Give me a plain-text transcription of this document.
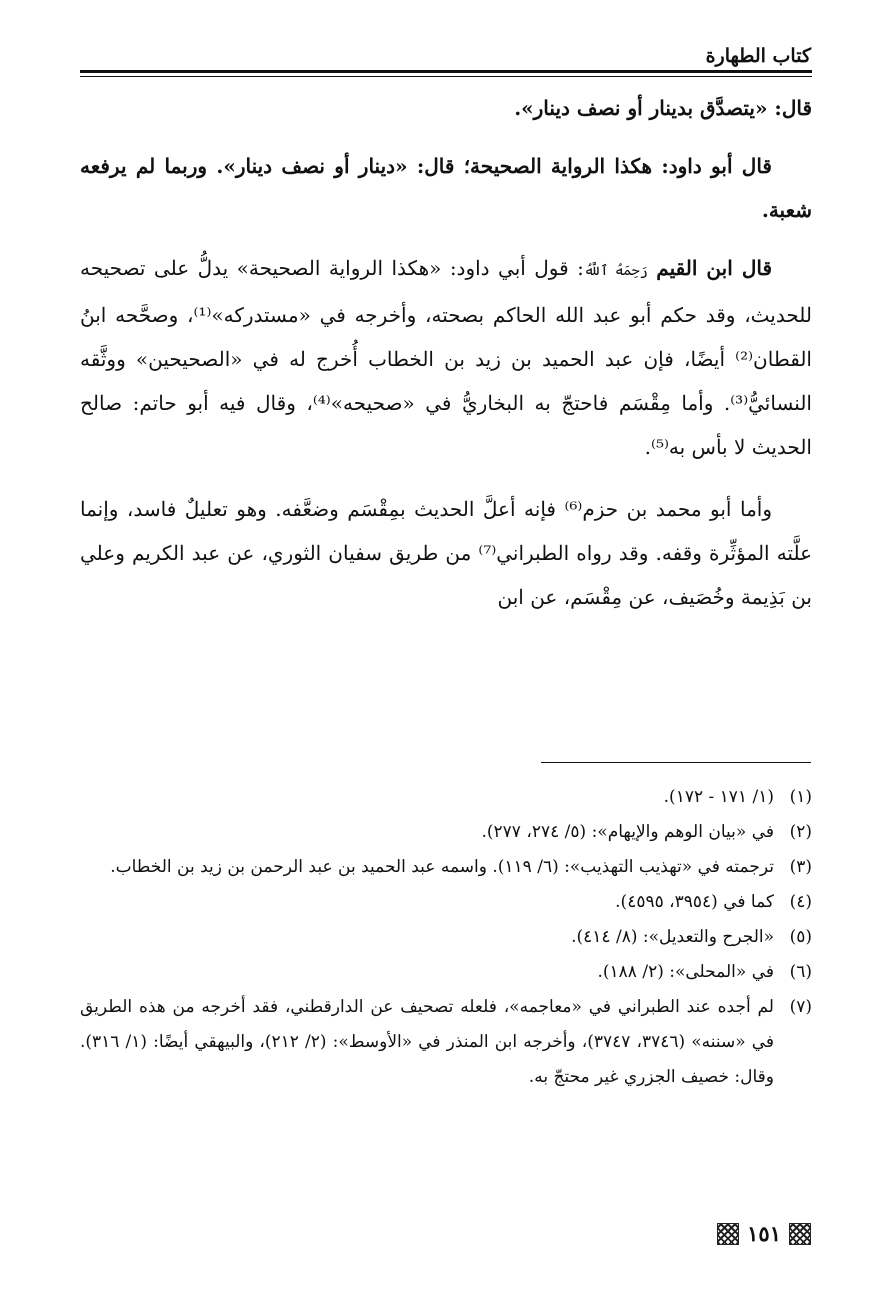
كتاب الطهارة

قال: «يتصدَّق بدينار أو نصف دينار».

قال أبو داود: هكذا الرواية الصحيحة؛ قال: «دينار أو نصف دينار». وربما لم يرفعه شعبة.

قال ابن القيم رَحِمَهُ ٱللَّهُ: قول أبي داود: «هكذا الرواية الصحيحة» يدلُّ على تصحيحه للحديث، وقد حكم أبو عبد الله الحاكم بصحته، وأخرجه في «مستدركه»⁽¹⁾، وصحَّحه ابنُ القطان⁽²⁾ أيضًا، فإن عبد الحميد بن زيد بن الخطاب أُخرج له في «الصحيحين» ووثَّقه النسائيُّ⁽³⁾. وأما مِقْسَم فاحتجّ به البخاريُّ في «صحيحه»⁽⁴⁾، وقال فيه أبو حاتم: صالح الحديث لا بأس به⁽⁵⁾.

وأما أبو محمد بن حزم⁽⁶⁾ فإنه أعلَّ الحديث بمِقْسَم وضعَّفه. وهو تعليلٌ فاسد، وإنما علَّته المؤثِّرة وقفه. وقد رواه الطبراني⁽⁷⁾ من طريق سفيان الثوري، عن عبد الكريم وعلي بن بَذِيمة وخُصَيف، عن مِقْسَم، عن ابن

(١)
(١/ ١٧١ - ١٧٢).
(٢)
في «بيان الوهم والإيهام»: (٥/ ٢٧٤، ٢٧٧).
(٣)
ترجمته في «تهذيب التهذيب»: (٦/ ١١٩). واسمه عبد الحميد بن عبد الرحمن بن زيد بن الخطاب.
(٤)
كما في (٣٩٥٤، ٤٥٩٥).
(٥)
«الجرح والتعديل»: (٨/ ٤١٤).
(٦)
في «المحلى»: (٢/ ١٨٨).
(٧)
لم أجده عند الطبراني في «معاجمه»، فلعله تصحيف عن الدارقطني، فقد أخرجه من هذه الطريق في «سننه» (٣٧٤٦، ٣٧٤٧)، وأخرجه ابن المنذر في «الأوسط»: (٢/ ٢١٢)، والبيهقي أيضًا: (١/ ٣١٦). وقال: خصيف الجزري غير محتجّ به.
١٥١
